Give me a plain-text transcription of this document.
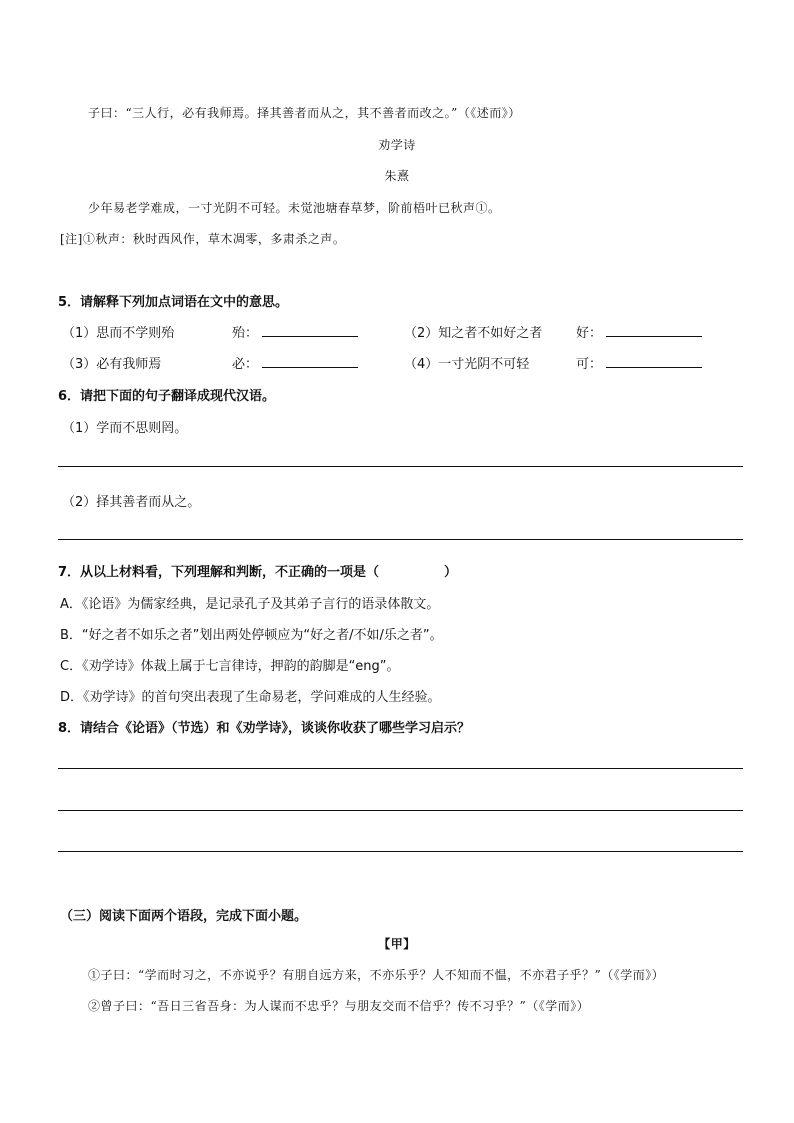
子曰：“三人行，必有我师焉。择其善者而从之，其不善者而改之。”（《述而》）
劝学诗
朱熹
少年易老学难成，一寸光阴不可轻。未觉池塘春草梦，阶前梧叶已秋声①。
[注]①秋声：秋时西风作，草木凋零，多肃杀之声。
5．请解释下列加点词语在文中的意思。
（1）思而不学则殆	殆：	（2）知之者不如好之者	好：
（3）必有我师焉	必：	（4）一寸光阴不可轻	可：
6．请把下面的句子翻译成现代汉语。
（1）学而不思则罔。
（2）择其善者而从之。
7．从以上材料看，下列理解和判断，不正确的一项是（　　　　　）
A．《论语》为儒家经典，是记录孔子及其弟子言行的语录体散文。
B．“好之者不如乐之者”划出两处停顿应为“好之者/不如/乐之者”。
C．《劝学诗》体裁上属于七言律诗，押韵的韵脚是“eng”。
D．《劝学诗》的首句突出表现了生命易老，学问难成的人生经验。
8．请结合《论语》（节选）和《劝学诗》，谈谈你收获了哪些学习启示？
（三）阅读下面两个语段，完成下面小题。
【甲】
①子曰：“学而时习之，不亦说乎？有朋自远方来，不亦乐乎？人不知而不愠，不亦君子乎？”（《学而》）
②曾子曰：“吾日三省吾身：为人谋而不忠乎？与朋友交而不信乎？传不习乎？”（《学而》）
